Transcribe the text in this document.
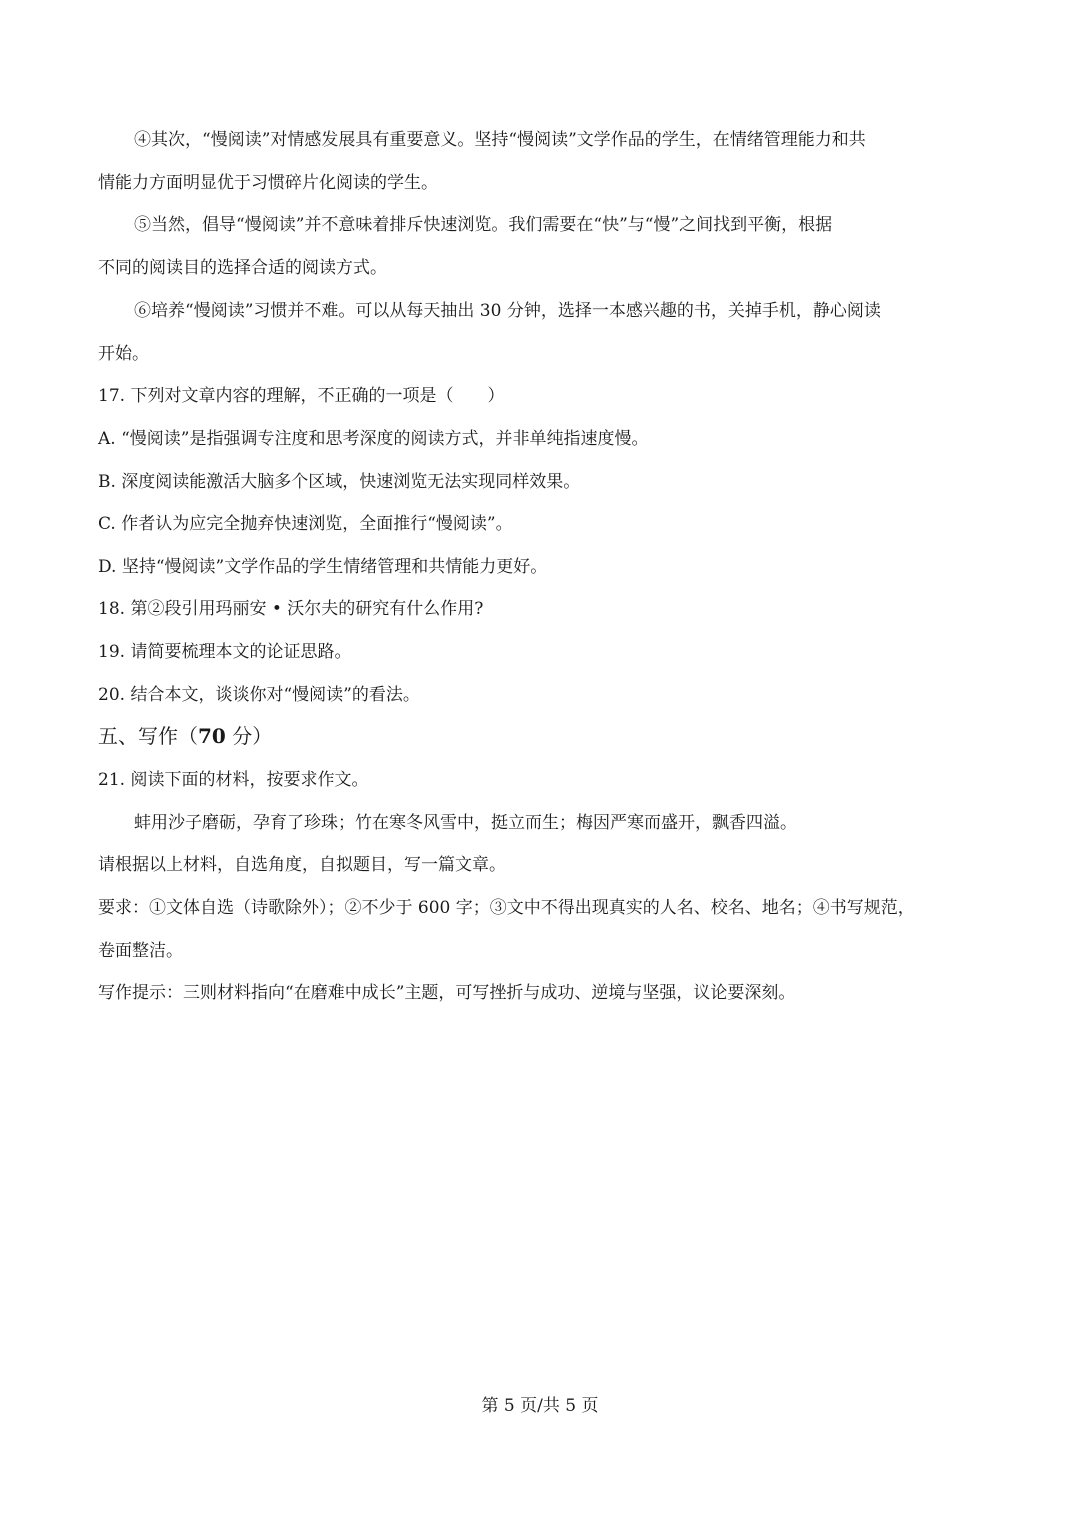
④其次，“慢阅读”对情感发展具有重要意义。坚持“慢阅读”文学作品的学生，在情绪管理能力和共
情能力方面明显优于习惯碎片化阅读的学生。
⑤当然，倡导“慢阅读”并不意味着排斥快速浏览。我们需要在“快”与“慢”之间找到平衡，根据
不同的阅读目的选择合适的阅读方式。
⑥培养“慢阅读”习惯并不难。可以从每天抽出 30 分钟，选择一本感兴趣的书，关掉手机，静心阅读
开始。
17. 下列对文章内容的理解，不正确的一项是（　　）
A. “慢阅读”是指强调专注度和思考深度的阅读方式，并非单纯指速度慢。
B. 深度阅读能激活大脑多个区域，快速浏览无法实现同样效果。
C. 作者认为应完全抛弃快速浏览，全面推行“慢阅读”。
D. 坚持“慢阅读”文学作品的学生情绪管理和共情能力更好。
18. 第②段引用玛丽安 • 沃尔夫的研究有什么作用?
19. 请简要梳理本文的论证思路。
20. 结合本文，谈谈你对“慢阅读”的看法。
五、写作（70 分）
21. 阅读下面的材料，按要求作文。
蚌用沙子磨砺，孕育了珍珠；竹在寒冬风雪中，挺立而生；梅因严寒而盛开，飘香四溢。
请根据以上材料，自选角度，自拟题目，写一篇文章。
要求：①文体自选（诗歌除外）；②不少于 600 字；③文中不得出现真实的人名、校名、地名；④书写规范，
卷面整洁。
写作提示：三则材料指向“在磨难中成长”主题，可写挫折与成功、逆境与坚强，议论要深刻。
第 5 页/共 5 页
